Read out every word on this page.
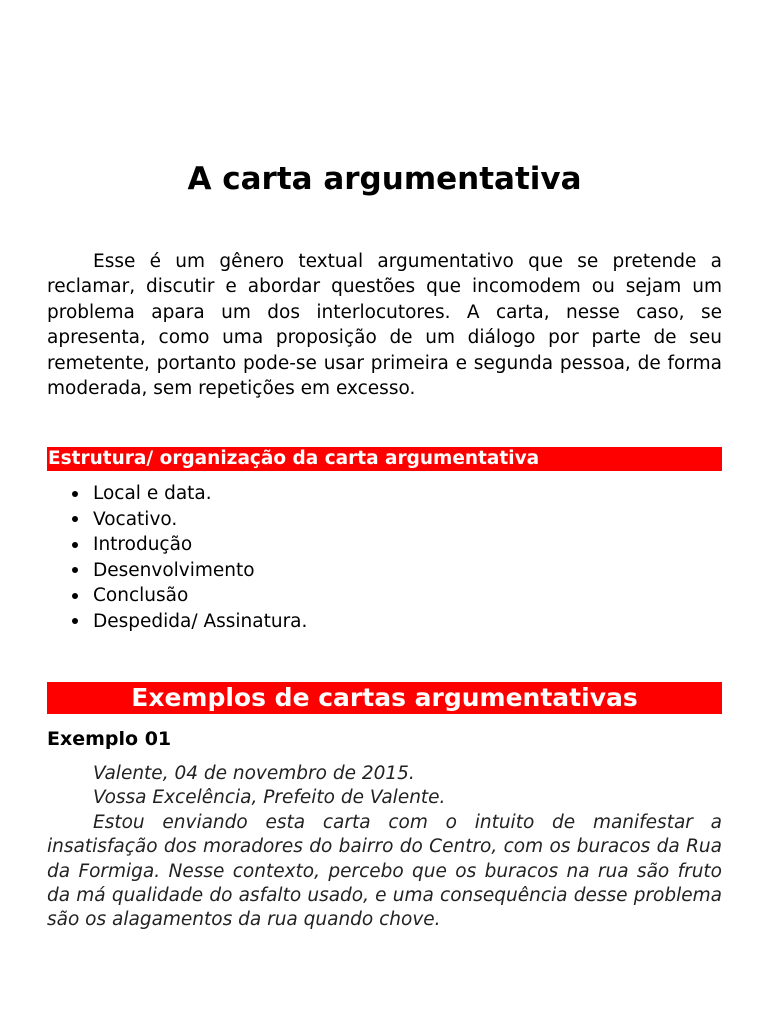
A carta argumentativa

Esse é um gênero textual argumentativo que se pretende a reclamar, discutir e abordar questões que incomodem ou sejam um problema apara um dos interlocutores. A carta, nesse caso, se apresenta, como uma proposição de um diálogo por parte de seu remetente, portanto pode-se usar primeira e segunda pessoa, de forma moderada, sem repetições em excesso.

Estrutura/ organização da carta argumentativa
Local e data.
Vocativo.
Introdução
Desenvolvimento
Conclusão
Despedida/ Assinatura.
Exemplos de cartas argumentativas
Exemplo 01

Valente, 04 de novembro de 2015.

Vossa Excelência, Prefeito de Valente.

Estou enviando esta carta com o intuito de manifestar a insatisfação dos moradores do bairro do Centro, com os buracos da Rua da Formiga. Nesse contexto, percebo que os buracos na rua são fruto da má qualidade do asfalto usado, e uma consequência desse problema são os alagamentos da rua quando chove.
